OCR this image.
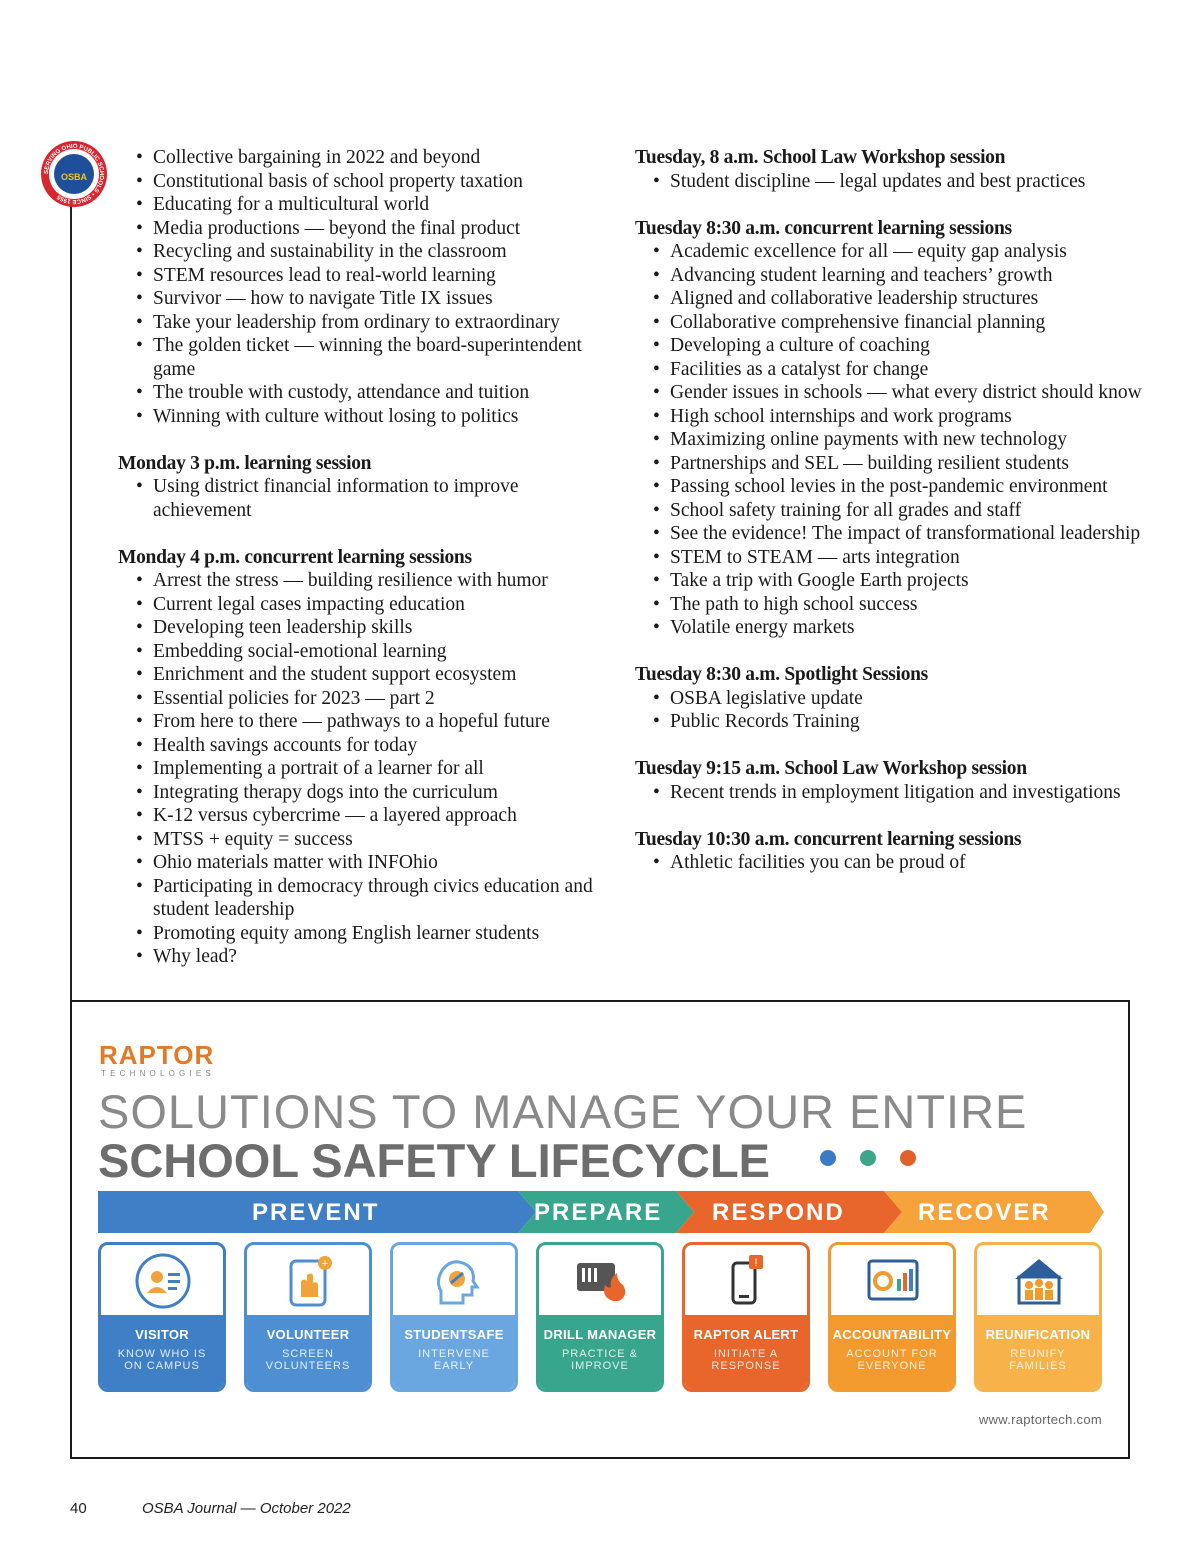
SERVING OHIO PUBLIC SCHOOLS • SINCE 1955
OSBA
• Collective bargaining in 2022 and beyond
• Constitutional basis of school property taxation
• Educating for a multicultural world
• Media productions — beyond the final product
• Recycling and sustainability in the classroom
• STEM resources lead to real-world learning
• Survivor — how to navigate Title IX issues
• Take your leadership from ordinary to extraordinary
• The golden ticket — winning the board-superintendent game
• The trouble with custody, attendance and tuition
• Winning with culture without losing to politics
Monday 3 p.m. learning session
• Using district financial information to improve achievement
Monday 4 p.m. concurrent learning sessions
• Arrest the stress — building resilience with humor
• Current legal cases impacting education
• Developing teen leadership skills
• Embedding social-emotional learning
• Enrichment and the student support ecosystem
• Essential policies for 2023 — part 2
• From here to there — pathways to a hopeful future
• Health savings accounts for today
• Implementing a portrait of a learner for all
• Integrating therapy dogs into the curriculum
• K-12 versus cybercrime — a layered approach
• MTSS + equity = success
• Ohio materials matter with INFOhio
• Participating in democracy through civics education and student leadership
• Promoting equity among English learner students
• Why lead?
Tuesday, 8 a.m. School Law Workshop session
• Student discipline — legal updates and best practices
Tuesday 8:30 a.m. concurrent learning sessions
• Academic excellence for all — equity gap analysis
• Advancing student learning and teachers’ growth
• Aligned and collaborative leadership structures
• Collaborative comprehensive financial planning
• Developing a culture of coaching
• Facilities as a catalyst for change
• Gender issues in schools — what every district should know
• High school internships and work programs
• Maximizing online payments with new technology
• Partnerships and SEL — building resilient students
• Passing school levies in the post-pandemic environment
• School safety training for all grades and staff
• See the evidence! The impact of transformational leadership
• STEM to STEAM — arts integration
• Take a trip with Google Earth projects
• The path to high school success
• Volatile energy markets
Tuesday 8:30 a.m. Spotlight Sessions
• OSBA legislative update
• Public Records Training
Tuesday 9:15 a.m. School Law Workshop session
• Recent trends in employment litigation and investigations
Tuesday 10:30 a.m. concurrent learning sessions
• Athletic facilities you can be proud of
RAPTOR
TECHNOLOGIES
SOLUTIONS TO MANAGE YOUR ENTIRE
SCHOOL SAFETY LIFECYCLE
PREVENT	PREPARE RESPOND	RECOVER
VISITOR
KNOW WHO IS ON CAMPUS
+
VOLUNTEER
SCREEN VOLUNTEERS
STUDENTSAFE
INTERVENE EARLY
DRILL MANAGER
PRACTICE & IMPROVE
!
RAPTOR ALERT
INITIATE A RESPONSE
ACCOUNTABILITY
ACCOUNT FOR EVERYONE
REUNIFICATION
REUNIFY FAMILIES
www.raptortech.com
40	OSBA Journal — October 2022
